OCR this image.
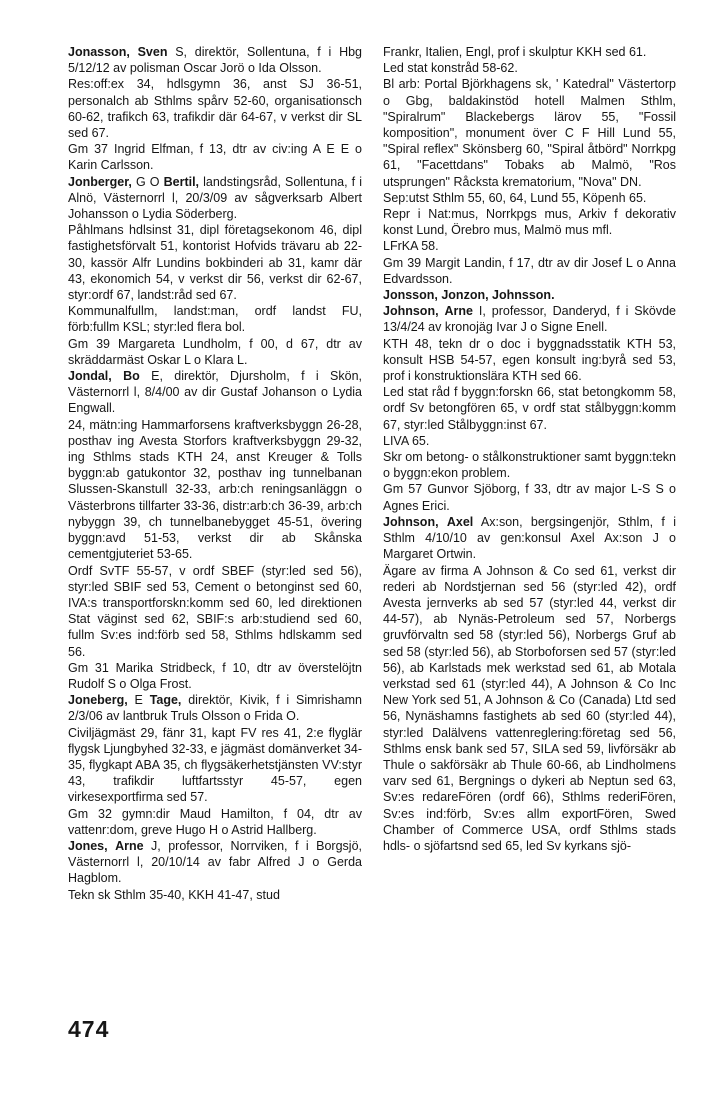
Jonasson, Sven S, direktör, Sollentuna, f i Hbg 5/12/12 av polisman Oscar Jorö o Ida Olsson.

Res:off:ex 34, hdlsgymn 36, anst SJ 36-51, personalch ab Sthlms spårv 52-60, organisationsch 60-62, trafikch 63, trafikdir där 64-67, v verkst dir SL sed 67.

Gm 37 Ingrid Elfman, f 13, dtr av civ:ing A E E o Karin Carlsson.

Jonberger, G O Bertil, landstingsråd, Sollentuna, f i Alnö, Västernorrl l, 20/3/09 av sågverksarb Albert Johansson o Lydia Söderberg.

Påhlmans hdlsinst 31, dipl företagsekonom 46, dipl fastighetsförvalt 51, kontorist Hofvids trävaru ab 22-30, kassör Alfr Lundins bokbinderi ab 31, kamr där 43, ekonomich 54, v verkst dir 56, verkst dir 62-67, styr:ordf 67, landst:råd sed 67.

Kommunalfullm, landst:man, ordf landst FU, förb:fullm KSL; styr:led flera bol.

Gm 39 Margareta Lundholm, f 00, d 67, dtr av skräddarmäst Oskar L o Klara L.

Jondal, Bo E, direktör, Djursholm, f i Skön, Västernorrl l, 8/4/00 av dir Gustaf Johanson o Lydia Engwall.

24, mätn:ing Hammarforsens kraftverksbyggn 26-28, posthav ing Avesta Storfors kraftverksbyggn 29-32, ing Sthlms stads KTH 24, anst Kreuger & Tolls byggn:ab gatukontor 32, posthav ing tunnelbanan Slussen-Skanstull 32-33, arb:ch reningsanläggn o Västerbrons tillfarter 33-36, distr:arb:ch 36-39, arb:ch nybyggn 39, ch tunnelbanebygget 45-51, övering byggn:avd 51-53, verkst dir ab Skånska cementgjuteriet 53-65.

Ordf SvTF 55-57, v ordf SBEF (styr:led sed 56), styr:led SBIF sed 53, Cement o betonginst sed 60, IVA:s transportforskn:komm sed 60, led direktionen Stat väginst sed 62, SBIF:s arb:studiend sed 60, fullm Sv:es ind:förb sed 58, Sthlms hdlskamm sed 56.

Gm 31 Marika Stridbeck, f 10, dtr av överstelöjtn Rudolf S o Olga Frost.

Joneberg, E Tage, direktör, Kivik, f i Simrishamn 2/3/06 av lantbruk Truls Olsson o Frida O.

Civiljägmäst 29, fänr 31, kapt FV res 41, 2:e flyglär flygsk Ljungbyhed 32-33, e jägmäst domänverket 34-35, flygkapt ABA 35, ch flygsäkerhetstjänsten VV:styr 43, trafikdir luftfartsstyr 45-57, egen virkesexportfirma sed 57.

Gm 32 gymn:dir Maud Hamilton, f 04, dtr av vattenr:dom, greve Hugo H o Astrid Hallberg.

Jones, Arne J, professor, Norrviken, f i Borgsjö, Västernorrl l, 20/10/14 av fabr Alfred J o Gerda Hagblom.

Tekn sk Sthlm 35-40, KKH 41-47, stud

Frankr, Italien, Engl, prof i skulptur KKH sed 61.

Led stat konstråd 58-62.

Bl arb: Portal Björkhagens sk, ' Katedral" Västertorp o Gbg, baldakinstöd hotell Malmen Sthlm, "Spiralrum" Blackebergs lärov 55, "Fossil komposition", monument över C F Hill Lund 55, "Spiral reflex" Skönsberg 60, "Spiral åtbörd" Norrkpg 61, "Facettdans" Tobaks ab Malmö, "Ros utsprungen" Råcksta krematorium, "Nova" DN.

Sep:utst Sthlm 55, 60, 64, Lund 55, Köpenh 65.

Repr i Nat:mus, Norrkpgs mus, Arkiv f dekorativ konst Lund, Örebro mus, Malmö mus mfl.

LFrKA 58.

Gm 39 Margit Landin, f 17, dtr av dir Josef L o Anna Edvardsson.

Jonsson, Jonzon, Johnsson.

Johnson, Arne I, professor, Danderyd, f i Skövde 13/4/24 av kronojäg Ivar J o Signe Enell.

KTH 48, tekn dr o doc i byggnadsstatik KTH 53, konsult HSB 54-57, egen konsult ing:byrå sed 53, prof i konstruktionslära KTH sed 66.

Led stat råd f byggn:forskn 66, stat betongkomm 58, ordf Sv betongfören 65, v ordf stat stålbyggn:komm 67, styr:led Stålbyggn:inst 67.

LIVA 65.

Skr om betong- o stålkonstruktioner samt byggn:tekn o byggn:ekon problem.

Gm 57 Gunvor Sjöborg, f 33, dtr av major L-S S o Agnes Erici.

Johnson, Axel Ax:son, bergsingenjör, Sthlm, f i Sthlm 4/10/10 av gen:konsul Axel Ax:son J o Margaret Ortwin.

Ägare av firma A Johnson & Co sed 61, verkst dir rederi ab Nordstjernan sed 56 (styr:led 42), ordf Avesta jernverks ab sed 57 (styr:led 44, verkst dir 44-57), ab Nynäs-Petroleum sed 57, Norbergs gruvförvaltn sed 58 (styr:led 56), Norbergs Gruf ab sed 58 (styr:led 56), ab Storboforsen sed 57 (styr:led 56), ab Karlstads mek werkstad sed 61, ab Motala verkstad sed 61 (styr:led 44), A Johnson & Co Inc New York sed 51, A Johnson & Co (Canada) Ltd sed 56, Nynäshamns fastighets ab sed 60 (styr:led 44), styr:led Dalälvens vattenreglering:företag sed 56, Sthlms ensk bank sed 57, SILA sed 59, livförsäkr ab Thule o sakförsäkr ab Thule 60-66, ab Lindholmens varv sed 61, Bergnings o dykeri ab Neptun sed 63, Sv:es redareFören (ordf 66), Sthlms rederiFören, Sv:es ind:förb, Sv:es allm exportFören, Swed Chamber of Commerce USA, ordf Sthlms stads hdls- o sjöfartsnd sed 65, led Sv kyrkans sjö-

474
